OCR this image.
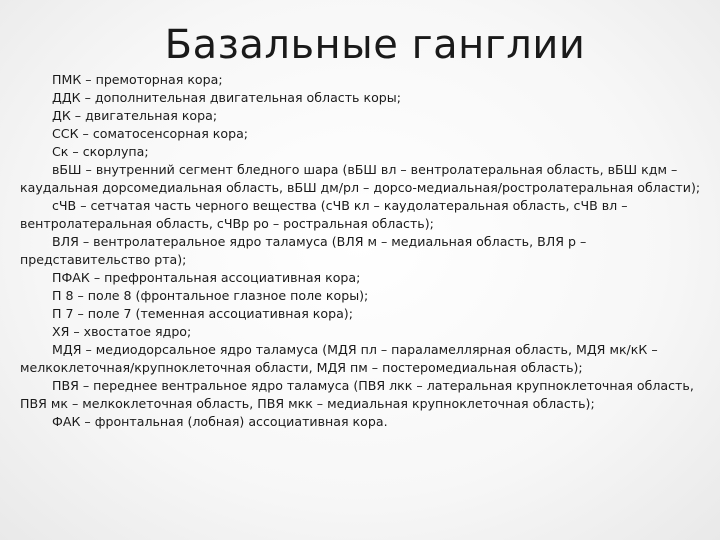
Базальные ганглии

ПМК – премоторная кора;

ДДК – дополнительная двигательная область коры;

ДК – двигательная кора;

ССК – соматосенсорная кора;

Ск – скорлупа;

вБШ – внутренний сегмент бледного шара (вБШ вл – вентролатеральная область, вБШ кдм – каудальная дорсомедиальная область, вБШ дм/рл – дорсо-медиальная/ростролатеральная области);

сЧВ – сетчатая часть черного вещества (сЧВ кл – каудолатеральная область, сЧВ вл – вентролатеральная область, сЧВр ро – ростральная область);

ВЛЯ – вентролатеральное ядро таламуса (ВЛЯ м – медиальная область, ВЛЯ р – представительство рта);

ПФАК – префронтальная ассоциативная кора;

П 8 – поле 8 (фронтальное глазное поле коры);

П 7 – поле 7 (теменная ассоциативная кора);

ХЯ – хвостатое ядро;

МДЯ – медиодорсальное ядро таламуса (МДЯ пл – параламеллярная область, МДЯ мк/кК – мелкоклеточная/крупноклеточная области, МДЯ пм – постеромедиальная область);

ПВЯ – переднее вентральное ядро таламуса (ПВЯ лкк – латеральная крупноклеточная область, ПВЯ мк – мелкоклеточная область, ПВЯ мкк – медиальная крупноклеточная область);

ФАК – фронтальная (лобная) ассоциативная кора.
